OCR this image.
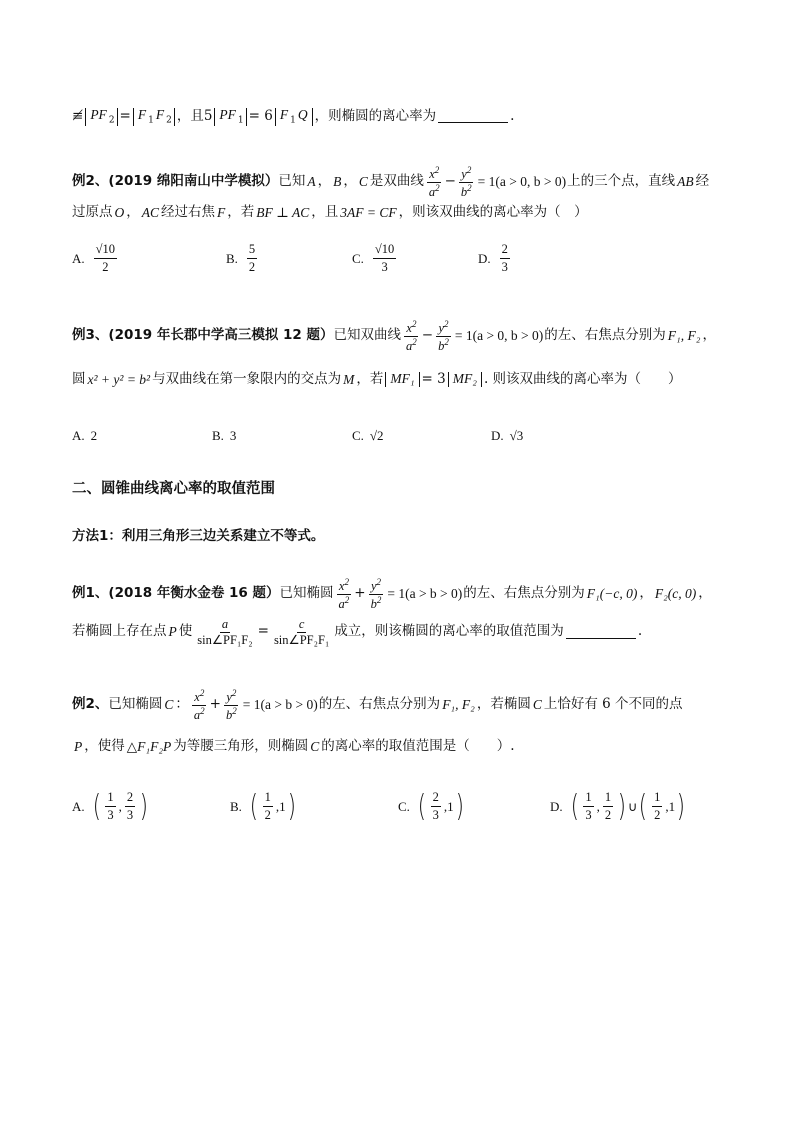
≢ PF $_2$ = F $_1$ F $_2$ ，且5 PF $_1$ = 6 F $_1$ Q ，则椭圆的离心率为	.
例2、(2019 绵阳南山中学模拟） 已知 A ， B ， C 是双曲线 $\frac{x^2}{a^2} - \frac{y^2}{b^2} = 1(a > 0$, b > 0) 上的三个点，直线 AB 经
过原点 O ， AC 经过右焦 F ，若 BF ⊥ AC ，且 3AF = CF ，则该双曲线的离心率为（　）
A. $\frac{√10}{2}$	B. $\frac{5}{2}$	C. $\frac{√10}{3}$	D. $\frac{2}{3}$
例3、(2019 年长郡中学高三模拟 12 题） 已知双曲线 $\frac{x^2}{a^2} - \frac{y^2}{b^2} = 1(a > 0$, b > 0) 的左、右焦点分别为 F₁, F₂ ，
圆 x² + y² = b² 与双曲线在第一象限内的交点为 M ，若 MF₁ = 3 MF₂ . 则该双曲线的离心率为（　　）
A. 2	B. 3	C. √2	D. √3
二、圆锥曲线离心率的取值范围
方法1：利用三角形三边关系建立不等式。
例1、(2018 年衡水金卷 16 题） 已知椭圆 $\frac{x^2}{a^2} + \frac{y^2}{b^2} = 1(a > b > 0)$ 的左、右焦点分别为 F₁(−c, 0) ， F₂(c, 0) ，
若椭圆上存在点 P 使 $\frac{a}{\text{sin∠PF₁F₂}} = \frac{c}{\text{sin∠PF₂F₁}}$ 成立，则该椭圆的离心率的取值范围为	.
例2、 已知椭圆 C ： $\frac{x^2}{a^2} + \frac{y^2}{b^2} = 1(a > b > 0)$ 的左、右焦点分别为 F₁, F₂ ，若椭圆 C 上恰好有 6 个不同的点
P ，使得 △F₁F₂P 为等腰三角形，则椭圆 C 的离心率的取值范围是（　　）.
A. ( $\frac{1}{3}$ , $\frac{2}{3}$ )	B. ( $\frac{1}{2} ,1$ )	C. ( $\frac{2}{3} ,1$ )	D. ( $\frac{1}{3}$ , $\frac{1}{2}$ ) ∪ ( $\frac{1}{2} ,1$ )
